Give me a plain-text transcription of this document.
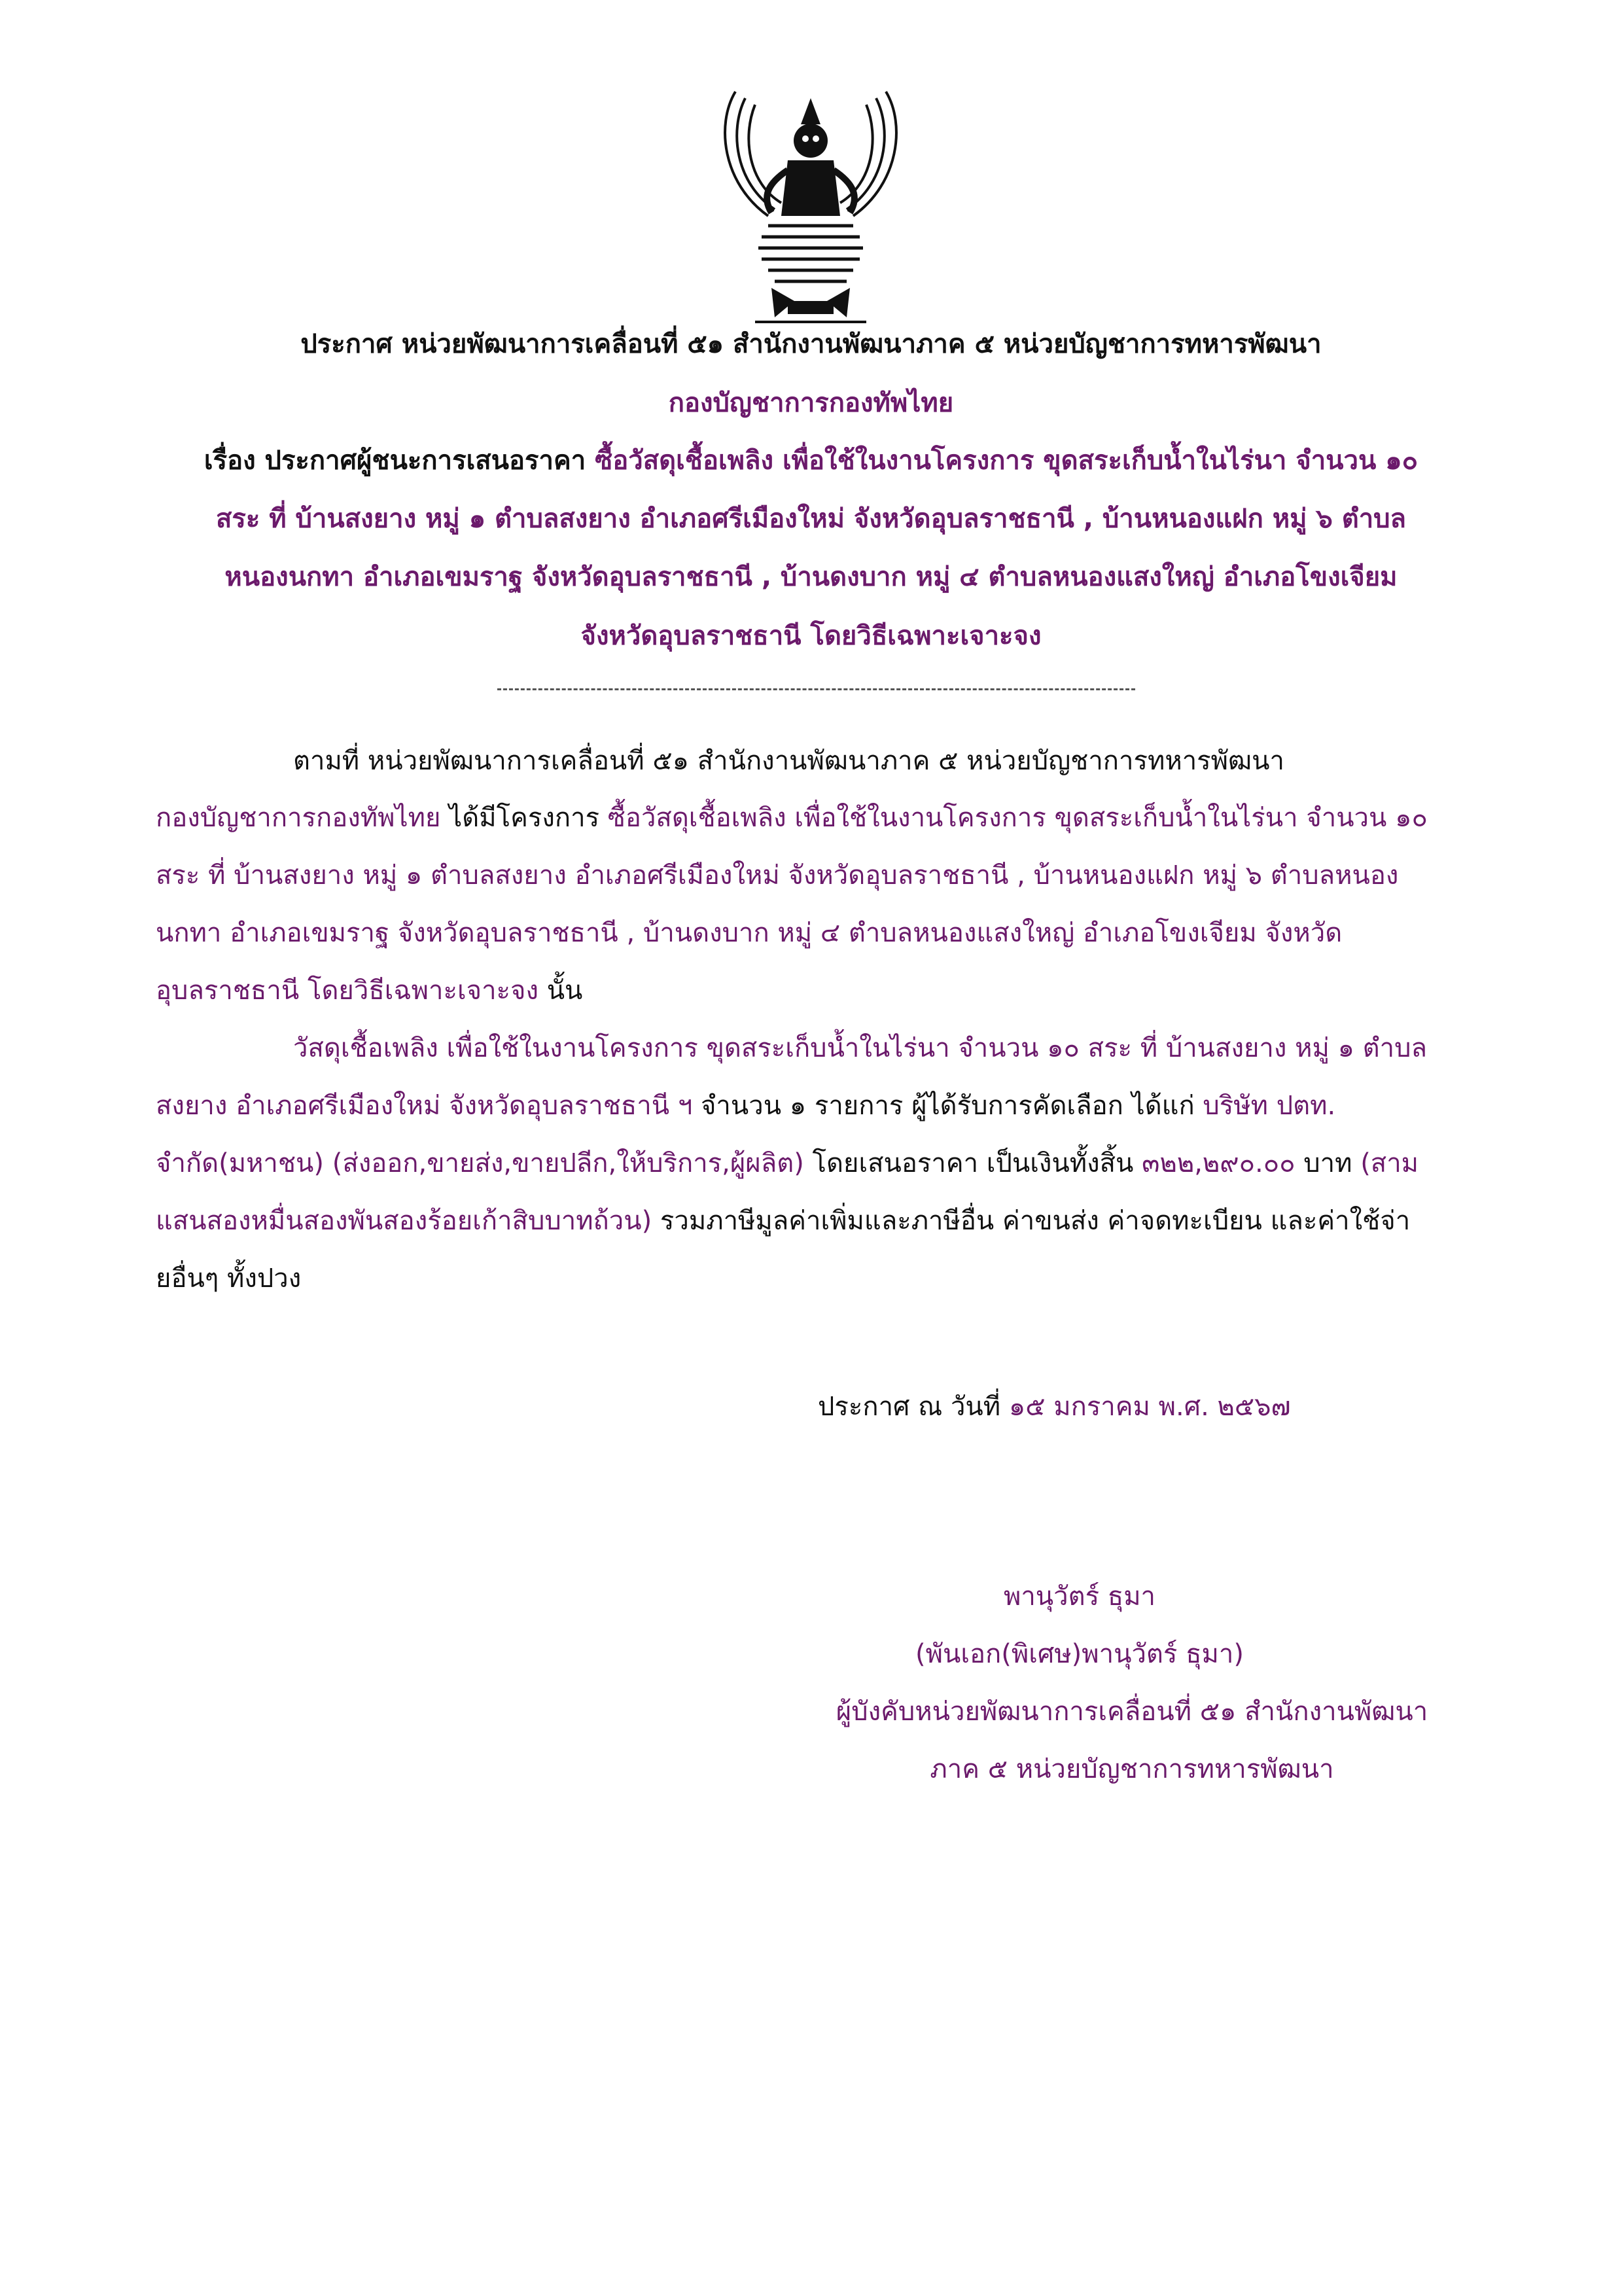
ประกาศ หน่วยพัฒนาการเคลื่อนที่ ๕๑ สำนักงานพัฒนาภาค ๕ หน่วยบัญชาการทหารพัฒนา
กองบัญชาการกองทัพไทย
เรื่อง ประกาศผู้ชนะการเสนอราคา ซื้อวัสดุเชื้อเพลิง เพื่อใช้ในงานโครงการ ขุดสระเก็บน้ำในไร่นา จำนวน ๑๐
สระ ที่ บ้านสงยาง หมู่ ๑ ตำบลสงยาง อำเภอศรีเมืองใหม่ จังหวัดอุบลราชธานี , บ้านหนองแฝก หมู่ ๖ ตำบล
หนองนกทา อำเภอเขมราฐ จังหวัดอุบลราชธานี , บ้านดงบาก หมู่ ๔ ตำบลหนองแสงใหญ่ อำเภอโขงเจียม
จังหวัดอุบลราชธานี โดยวิธีเฉพาะเจาะจง
ตามที่ หน่วยพัฒนาการเคลื่อนที่ ๕๑ สำนักงานพัฒนาภาค ๕ หน่วยบัญชาการทหารพัฒนา
กองบัญชาการกองทัพไทย ได้มีโครงการ ซื้อวัสดุเชื้อเพลิง เพื่อใช้ในงานโครงการ ขุดสระเก็บน้ำในไร่นา จำนวน ๑๐
สระ ที่ บ้านสงยาง หมู่ ๑ ตำบลสงยาง อำเภอศรีเมืองใหม่ จังหวัดอุบลราชธานี , บ้านหนองแฝก หมู่ ๖ ตำบลหนอง
นกทา อำเภอเขมราฐ จังหวัดอุบลราชธานี , บ้านดงบาก หมู่ ๔ ตำบลหนองแสงใหญ่ อำเภอโขงเจียม จังหวัด
อุบลราชธานี โดยวิธีเฉพาะเจาะจง นั้น
วัสดุเชื้อเพลิง เพื่อใช้ในงานโครงการ ขุดสระเก็บน้ำในไร่นา จำนวน ๑๐ สระ ที่ บ้านสงยาง หมู่ ๑ ตำบล
สงยาง อำเภอศรีเมืองใหม่ จังหวัดอุบลราชธานี ฯ จำนวน ๑ รายการ ผู้ได้รับการคัดเลือก ได้แก่ บริษัท ปตท.
จำกัด(มหาชน) (ส่งออก,ขายส่ง,ขายปลีก,ให้บริการ,ผู้ผลิต) โดยเสนอราคา เป็นเงินทั้งสิ้น ๓๒๒,๒๙๐.๐๐ บาท (สาม
แสนสองหมื่นสองพันสองร้อยเก้าสิบบาทถ้วน) รวมภาษีมูลค่าเพิ่มและภาษีอื่น ค่าขนส่ง ค่าจดทะเบียน และค่าใช้จ่า
ยอื่นๆ ทั้งปวง
ประกาศ ณ วันที่ ๑๕ มกราคม พ.ศ. ๒๕๖๗
พานุวัตร์ ธุมา
(พันเอก(พิเศษ)พานุวัตร์ ธุมา)
ผู้บังคับหน่วยพัฒนาการเคลื่อนที่ ๕๑ สำนักงานพัฒนา
ภาค ๕ หน่วยบัญชาการทหารพัฒนา
